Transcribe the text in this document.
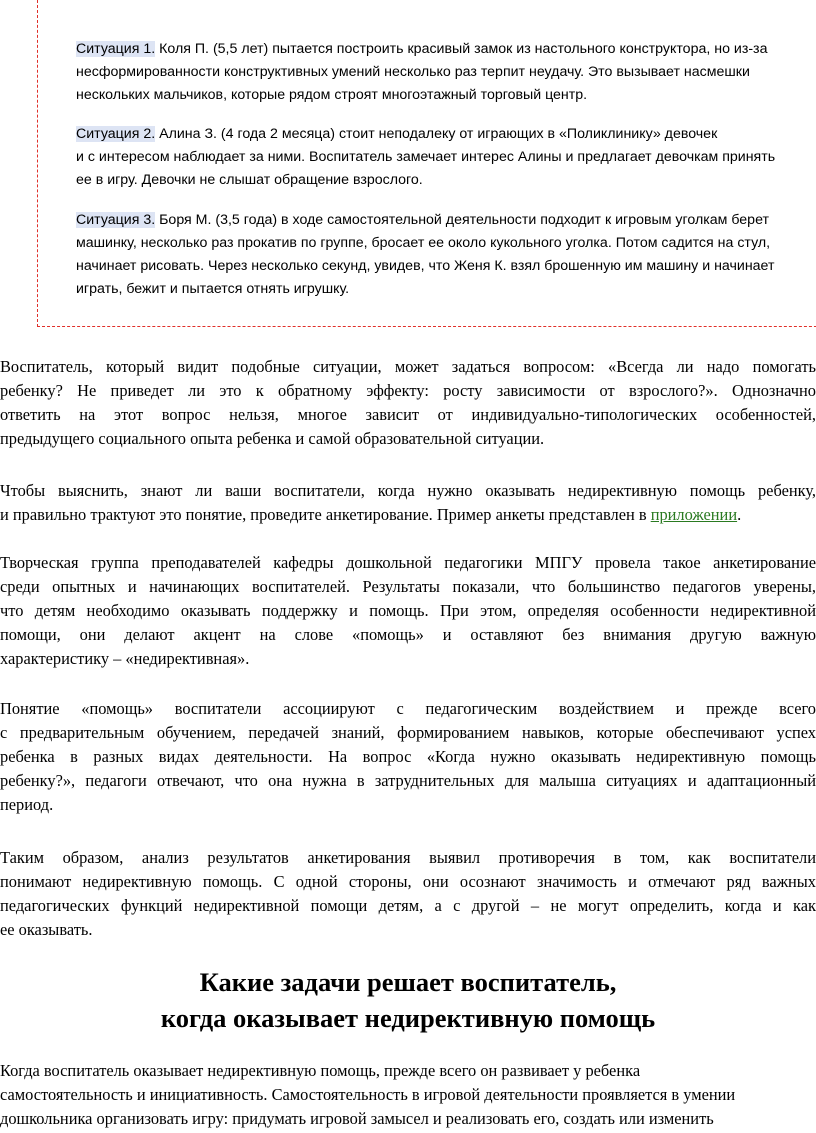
Ситуация 1. Коля П. (5,5 лет) пытается построить красивый замок из настольного конструктора, но из-за
несформированности конструктивных умений несколько раз терпит неудачу. Это вызывает насмешки
нескольких мальчиков, которые рядом строят многоэтажный торговый центр.

Ситуация 2. Алина З. (4 года 2 месяца) стоит неподалеку от играющих в «Поликлинику» девочек
и с интересом наблюдает за ними. Воспитатель замечает интерес Алины и предлагает девочкам принять
ее в игру. Девочки не слышат обращение взрослого.

Ситуация 3. Боря М. (3,5 года) в ходе самостоятельной деятельности подходит к игровым уголкам берет
машинку, несколько раз прокатив по группе, бросает ее около кукольного уголка. Потом садится на стул,
начинает рисовать. Через несколько секунд, увидев, что Женя К. взял брошенную им машину и начинает
играть, бежит и пытается отнять игрушку.

Воспитатель, который видит подобные ситуации, может задаться вопросом: «Всегда ли надо помогать
ребенку? Не приведет ли это к обратному эффекту: росту зависимости от взрослого?». Однозначно
ответить на этот вопрос нельзя, многое зависит от индивидуально-типологических особенностей,
предыдущего социального опыта ребенка и самой образовательной ситуации.
Чтобы выяснить, знают ли ваши воспитатели, когда нужно оказывать недирективную помощь ребенку,
и правильно трактуют это понятие, проведите анкетирование. Пример анкеты представлен в приложении.
Творческая группа преподавателей кафедры дошкольной педагогики МПГУ провела такое анкетирование
среди опытных и начинающих воспитателей. Результаты показали, что большинство педагогов уверены,
что детям необходимо оказывать поддержку и помощь. При этом, определяя особенности недирективной
помощи, они делают акцент на слове «помощь» и оставляют без внимания другую важную
характеристику – «недирективная».
Понятие «помощь» воспитатели ассоциируют с педагогическим воздействием и прежде всего
с предварительным обучением, передачей знаний, формированием навыков, которые обеспечивают успех
ребенка в разных видах деятельности. На вопрос «Когда нужно оказывать недирективную помощь
ребенку?», педагоги отвечают, что она нужна в затруднительных для малыша ситуациях и адаптационный
период.
Таким образом, анализ результатов анкетирования выявил противоречия в том, как воспитатели
понимают недирективную помощь. С одной стороны, они осознают значимость и отмечают ряд важных
педагогических функций недирективной помощи детям, а с другой – не могут определить, когда и как
ее оказывать.
Какие задачи решает воспитатель,
когда оказывает недирективную помощь
Когда воспитатель оказывает недирективную помощь, прежде всего он развивает у ребенка
самостоятельность и инициативность. Самостоятельность в игровой деятельности проявляется в умении
дошкольника организовать игру: придумать игровой замысел и реализовать его, создать или изменить
